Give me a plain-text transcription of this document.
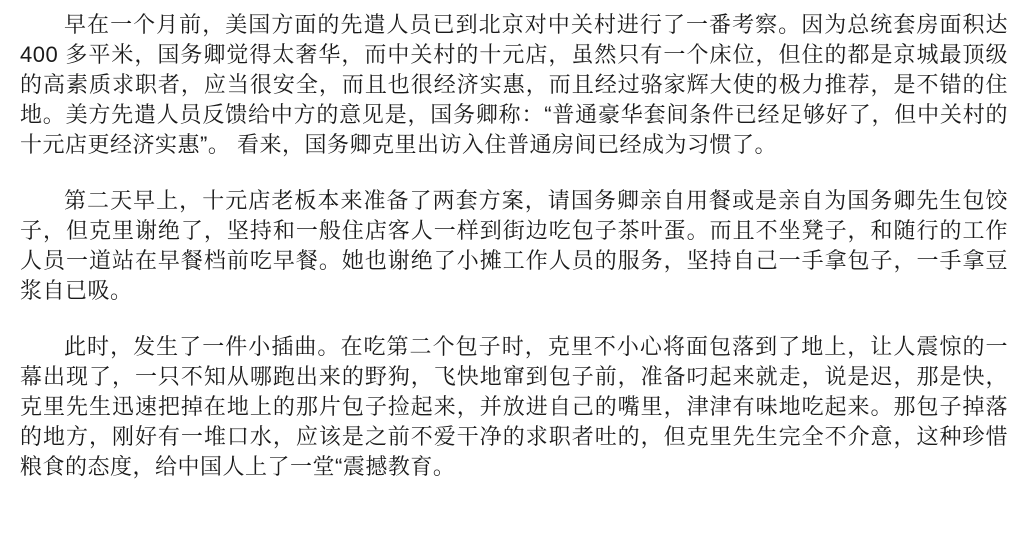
早在一个月前，美国方面的先遣人员已到北京对中关村进行了一番考察。因为总统套房面积达400 多平米，国务卿觉得太奢华，而中关村的十元店，虽然只有一个床位，但住的都是京城最顶级的高素质求职者，应当很安全，而且也很经济实惠，而且经过骆家辉大使的极力推荐，是不错的住地。美方先遣人员反馈给中方的意见是，国务卿称：“普通豪华套间条件已经足够好了，但中关村的十元店更经济实惠”。 看来，国务卿克里出访入住普通房间已经成为习惯了。

第二天早上，十元店老板本来准备了两套方案，请国务卿亲自用餐或是亲自为国务卿先生包饺子，但克里谢绝了，坚持和一般住店客人一样到街边吃包子茶叶蛋。而且不坐凳子，和随行的工作人员一道站在早餐档前吃早餐。她也谢绝了小摊工作人员的服务，坚持自己一手拿包子，一手拿豆浆自已吸。

此时，发生了一件小插曲。在吃第二个包子时，克里不小心将面包落到了地上，让人震惊的一幕出现了，一只不知从哪跑出来的野狗，飞快地窜到包子前，准备叼起来就走，说是迟，那是快，克里先生迅速把掉在地上的那片包子捡起来，并放进自己的嘴里，津津有味地吃起来。那包子掉落的地方，刚好有一堆口水，应该是之前不爱干净的求职者吐的，但克里先生完全不介意，这种珍惜粮食的态度，给中国人上了一堂“震撼教育。
